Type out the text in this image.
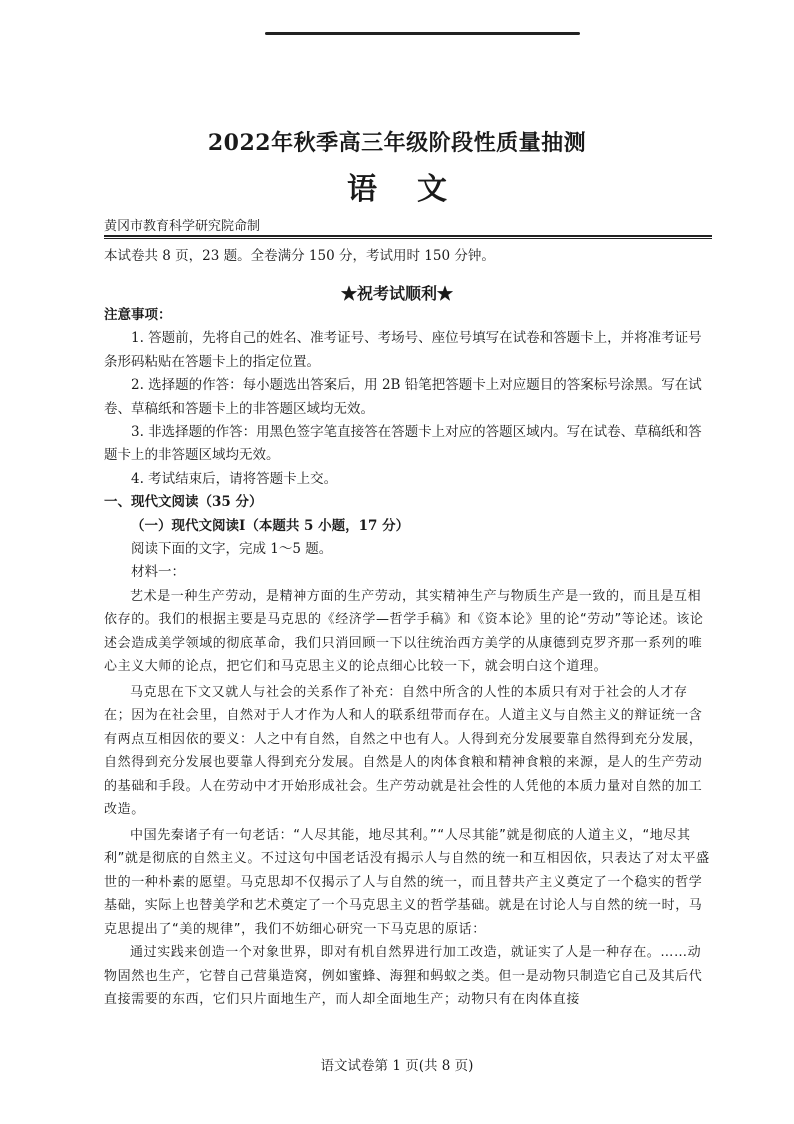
2022年秋季高三年级阶段性质量抽测
语文
黄冈市教育科学研究院命制
本试卷共 8 页，23 题。全卷满分 150 分，考试用时 150 分钟。
★祝考试顺利★

注意事项：

1. 答题前，先将自己的姓名、准考证号、考场号、座位号填写在试卷和答题卡上，并将准考证号条形码粘贴在答题卡上的指定位置。

2. 选择题的作答：每小题选出答案后，用 2B 铅笔把答题卡上对应题目的答案标号涂黑。写在试卷、草稿纸和答题卡上的非答题区域均无效。

3. 非选择题的作答：用黑色签字笔直接答在答题卡上对应的答题区域内。写在试卷、草稿纸和答题卡上的非答题区域均无效。

4. 考试结束后，请将答题卡上交。

一、现代文阅读（35 分）

（一）现代文阅读Ⅰ（本题共 5 小题，17 分）

阅读下面的文字，完成 1～5 题。

材料一：

艺术是一种生产劳动，是精神方面的生产劳动，其实精神生产与物质生产是一致的，而且是互相依存的。我们的根据主要是马克思的《经济学—哲学手稿》和《资本论》里的论“劳动”等论述。该论述会造成美学领域的彻底革命，我们只消回顾一下以往统治西方美学的从康德到克罗齐那一系列的唯心主义大师的论点，把它们和马克思主义的论点细心比较一下，就会明白这个道理。

马克思在下文又就人与社会的关系作了补充：自然中所含的人性的本质只有对于社会的人才存在；因为在社会里，自然对于人才作为人和人的联系纽带而存在。人道主义与自然主义的辩证统一含有两点互相因依的要义：人之中有自然，自然之中也有人。人得到充分发展要靠自然得到充分发展，自然得到充分发展也要靠人得到充分发展。自然是人的肉体食粮和精神食粮的来源，是人的生产劳动的基础和手段。人在劳动中才开始形成社会。生产劳动就是社会性的人凭他的本质力量对自然的加工改造。

中国先秦诸子有一句老话：“人尽其能，地尽其利。”“人尽其能”就是彻底的人道主义，“地尽其利”就是彻底的自然主义。不过这句中国老话没有揭示人与自然的统一和互相因依，只表达了对太平盛世的一种朴素的愿望。马克思却不仅揭示了人与自然的统一，而且替共产主义奠定了一个稳实的哲学基础，实际上也替美学和艺术奠定了一个马克思主义的哲学基础。就是在讨论人与自然的统一时，马克思提出了“美的规律”，我们不妨细心研究一下马克思的原话：

通过实践来创造一个对象世界，即对有机自然界进行加工改造，就证实了人是一种存在。……动物固然也生产，它替自己营巢造窝，例如蜜蜂、海狸和蚂蚁之类。但一是动物只制造它自己及其后代直接需要的东西，它们只片面地生产，而人却全面地生产；动物只有在肉体直接

语文试卷第 1 页(共 8 页)
